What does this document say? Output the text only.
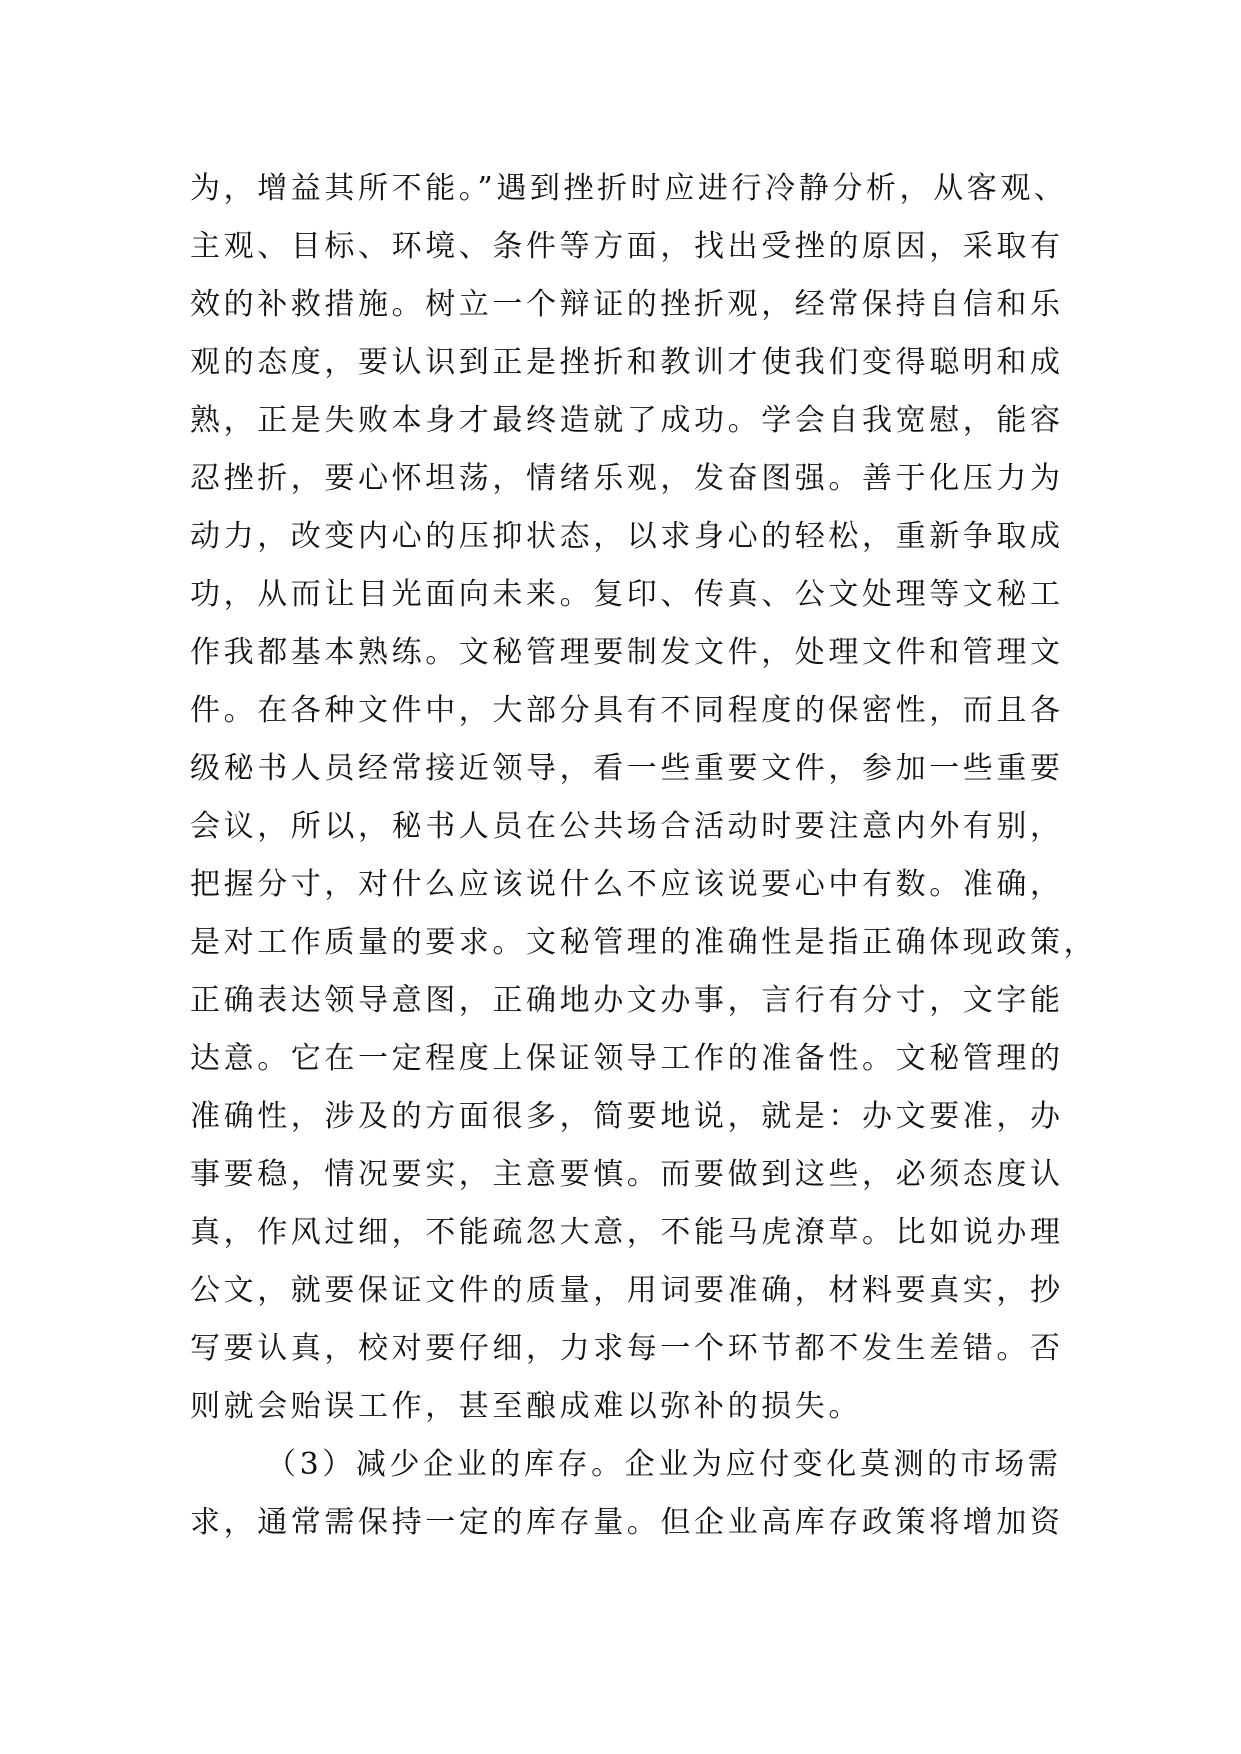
为，增益其所不能。”遇到挫折时应进行冷静分析，从客观、
主观、目标、环境、条件等方面，找出受挫的原因，采取有
效的补救措施。树立一个辩证的挫折观，经常保持自信和乐
观的态度，要认识到正是挫折和教训才使我们变得聪明和成
熟，正是失败本身才最终造就了成功。学会自我宽慰，能容
忍挫折，要心怀坦荡，情绪乐观，发奋图强。善于化压力为
动力，改变内心的压抑状态，以求身心的轻松，重新争取成
功，从而让目光面向未来。复印、传真、公文处理等文秘工
作我都基本熟练。文秘管理要制发文件，处理文件和管理文
件。在各种文件中，大部分具有不同程度的保密性，而且各
级秘书人员经常接近领导，看一些重要文件，参加一些重要
会议，所以，秘书人员在公共场合活动时要注意内外有别，
把握分寸，对什么应该说什么不应该说要心中有数。准确，
是对工作质量的要求。文秘管理的准确性是指正确体现政策，
正确表达领导意图，正确地办文办事，言行有分寸，文字能
达意。它在一定程度上保证领导工作的准备性。文秘管理的
准确性，涉及的方面很多，简要地说，就是：办文要准，办
事要稳，情况要实，主意要慎。而要做到这些，必须态度认
真，作风过细，不能疏忽大意，不能马虎潦草。比如说办理
公文，就要保证文件的质量，用词要准确，材料要真实，抄
写要认真，校对要仔细，力求每一个环节都不发生差错。否
则就会贻误工作，甚至酿成难以弥补的损失。
（3）减少企业的库存。企业为应付变化莫测的市场需
求，通常需保持一定的库存量。但企业高库存政策将增加资
